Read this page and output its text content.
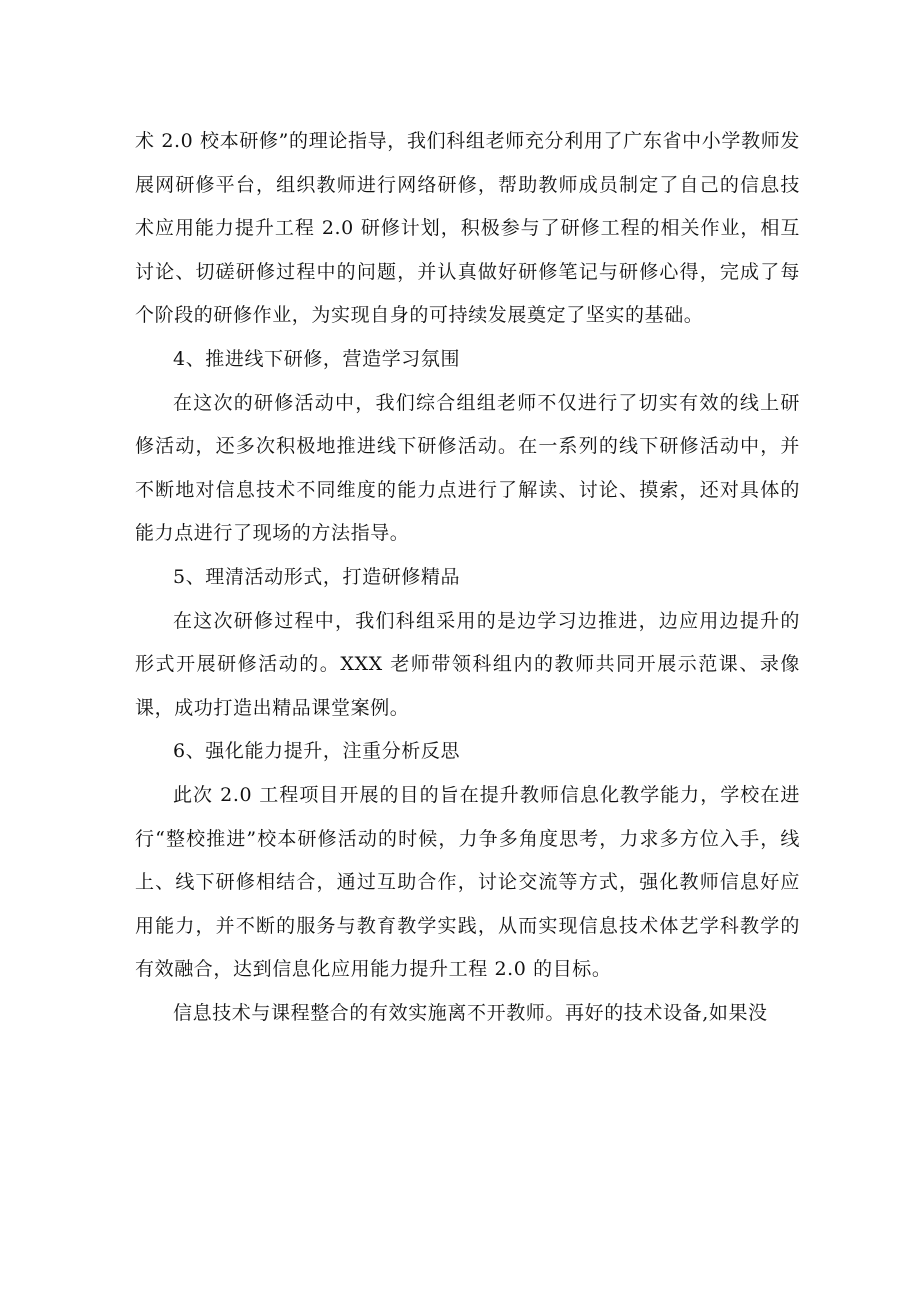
术 2.0 校本研修”的理论指导，我们科组老师充分利用了广东省中小学教师发展网研修平台，组织教师进行网络研修，帮助教师成员制定了自己的信息技术应用能力提升工程 2.0 研修计划，积极参与了研修工程的相关作业，相互讨论、切磋研修过程中的问题，并认真做好研修笔记与研修心得，完成了每个阶段的研修作业，为实现自身的可持续发展奠定了坚实的基础。

4、推进线下研修，营造学习氛围

在这次的研修活动中，我们综合组组老师不仅进行了切实有效的线上研修活动，还多次积极地推进线下研修活动。在一系列的线下研修活动中，并不断地对信息技术不同维度的能力点进行了解读、讨论、摸索，还对具体的能力点进行了现场的方法指导。

5、理清活动形式，打造研修精品

在这次研修过程中，我们科组采用的是边学习边推进，边应用边提升的形式开展研修活动的。XXX 老师带领科组内的教师共同开展示范课、录像课，成功打造出精品课堂案例。

6、强化能力提升，注重分析反思

此次 2.0 工程项目开展的目的旨在提升教师信息化教学能力，学校在进行“整校推进”校本研修活动的时候，力争多角度思考，力求多方位入手，线上、线下研修相结合，通过互助合作，讨论交流等方式，强化教师信息好应用能力，并不断的服务与教育教学实践，从而实现信息技术体艺学科教学的有效融合，达到信息化应用能力提升工程 2.0 的目标。

信息技术与课程整合的有效实施离不开教师。再好的技术设备,如果没
